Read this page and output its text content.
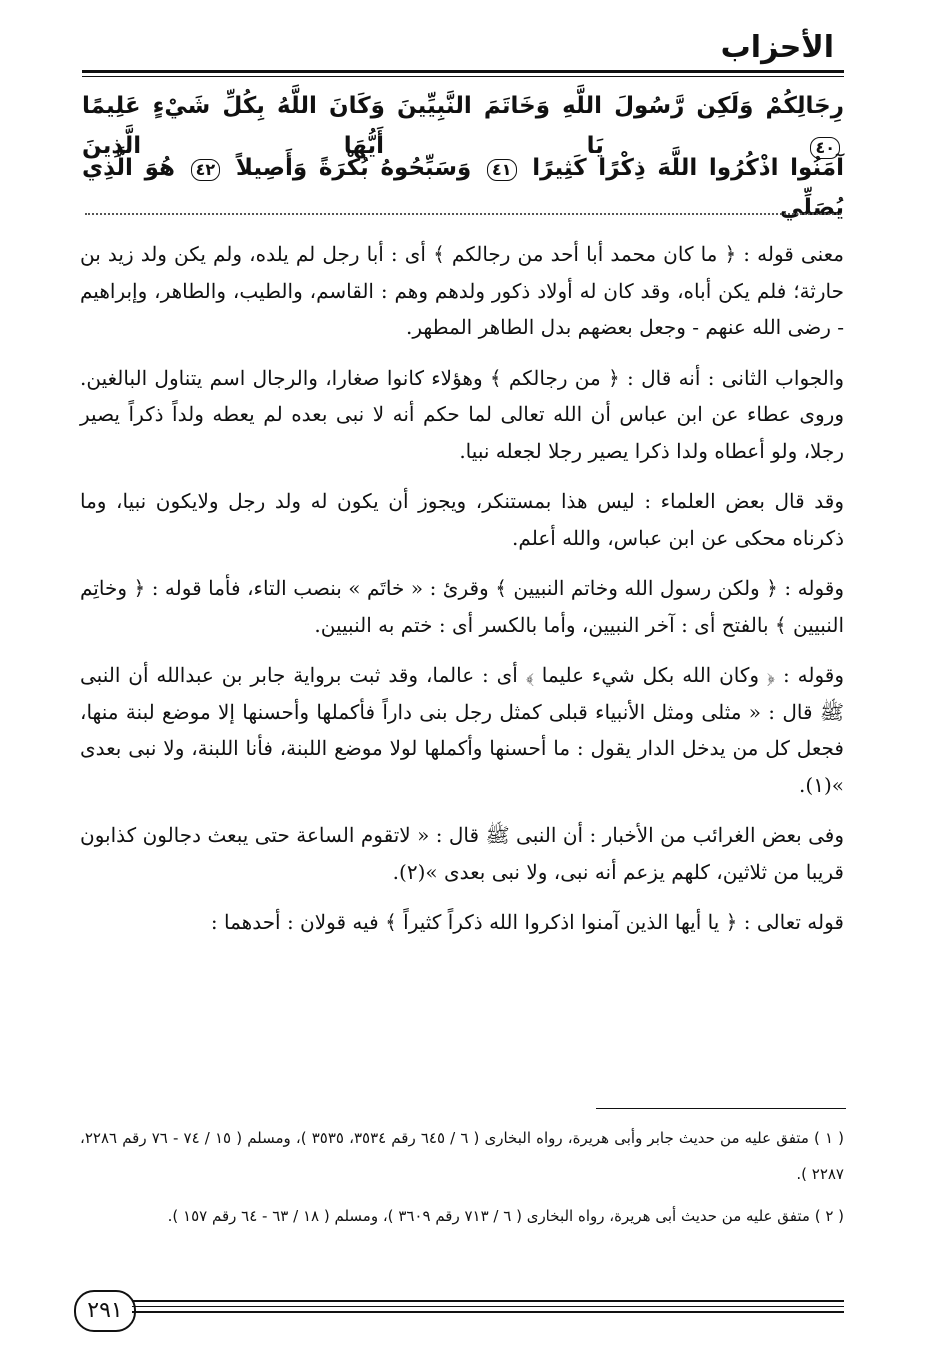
الأحزاب
رِجَالِكُمْ وَلَكِن رَّسُولَ اللَّهِ وَخَاتَمَ النَّبِيِّينَ وَكَانَ اللَّهُ بِكُلِّ شَيْءٍ عَلِيمًا ٤٠ يَا أَيُّهَا الَّذِينَ
آمَنُوا اذْكُرُوا اللَّهَ ذِكْرًا كَثِيرًا ٤١ وَسَبِّحُوهُ بُكْرَةً وَأَصِيلاً ٤٢ هُوَ الَّذِي يُصَلِّي

معنى قوله : ﴿ ما كان محمد أبا أحد من رجالكم ﴾ أى : أبا رجل لم يلده، ولم يكن ولد زيد بن حارثة؛ فلم يكن أباه، وقد كان له أولاد ذكور ولدهم وهم : القاسم، والطيب، والطاهر، وإبراهيم - رضى الله عنهم - وجعل بعضهم بدل الطاهر المطهر.

والجواب الثانى : أنه قال : ﴿ من رجالكم ﴾ وهؤلاء كانوا صغارا، والرجال اسم يتناول البالغين. وروى عطاء عن ابن عباس أن الله تعالى لما حكم أنه لا نبى بعده لم يعطه ولداً ذكراً يصير رجلا، ولو أعطاه ولدا ذكرا يصير رجلا لجعله نبيا.

وقد قال بعض العلماء : ليس هذا بمستنكر، ويجوز أن يكون له ولد رجل ولايكون نبيا، وما ذكرناه محكى عن ابن عباس، والله أعلم.

وقوله : ﴿ ولكن رسول الله وخاتم النبيين ﴾ وقرئ : « خاتَم » بنصب التاء، فأما قوله : ﴿ وخاتِم النبيين ﴾ بالفتح أى : آخر النبيين، وأما بالكسر أى : ختم به النبيين.

وقوله : ﴿ وكان الله بكل شيء عليما ﴾ أى : عالما، وقد ثبت برواية جابر بن عبدالله أن النبى ﷺ قال : « مثلى ومثل الأنبياء قبلى كمثل رجل بنى داراً فأكملها وأحسنها إلا موضع لبنة منها، فجعل كل من يدخل الدار يقول : ما أحسنها وأكملها لولا موضع اللبنة، فأنا اللبنة، ولا نبى بعدى »(١).

وفى بعض الغرائب من الأخبار : أن النبى ﷺ قال : « لاتقوم الساعة حتى يبعث دجالون كذابون قريبا من ثلاثين، كلهم يزعم أنه نبى، ولا نبى بعدى »(٢).

قوله تعالى : ﴿ يا أيها الذين آمنوا اذكروا الله ذكراً كثيراً ﴾ فيه قولان : أحدهما :

( ١ ) متفق عليه من حديث جابر وأبى هريرة، رواه البخارى ( ٦ / ٦٤٥ رقم ٣٥٣٤، ٣٥٣٥ )، ومسلم ( ١٥ / ٧٤ - ٧٦ رقم ٢٢٨٦، ٢٢٨٧ ).

( ٢ ) متفق عليه من حديث أبى هريرة، رواه البخارى ( ٦ / ٧١٣ رقم ٣٦٠٩ )، ومسلم ( ١٨ / ٦٣ - ٦٤ رقم ١٥٧ ).

٢٩١
